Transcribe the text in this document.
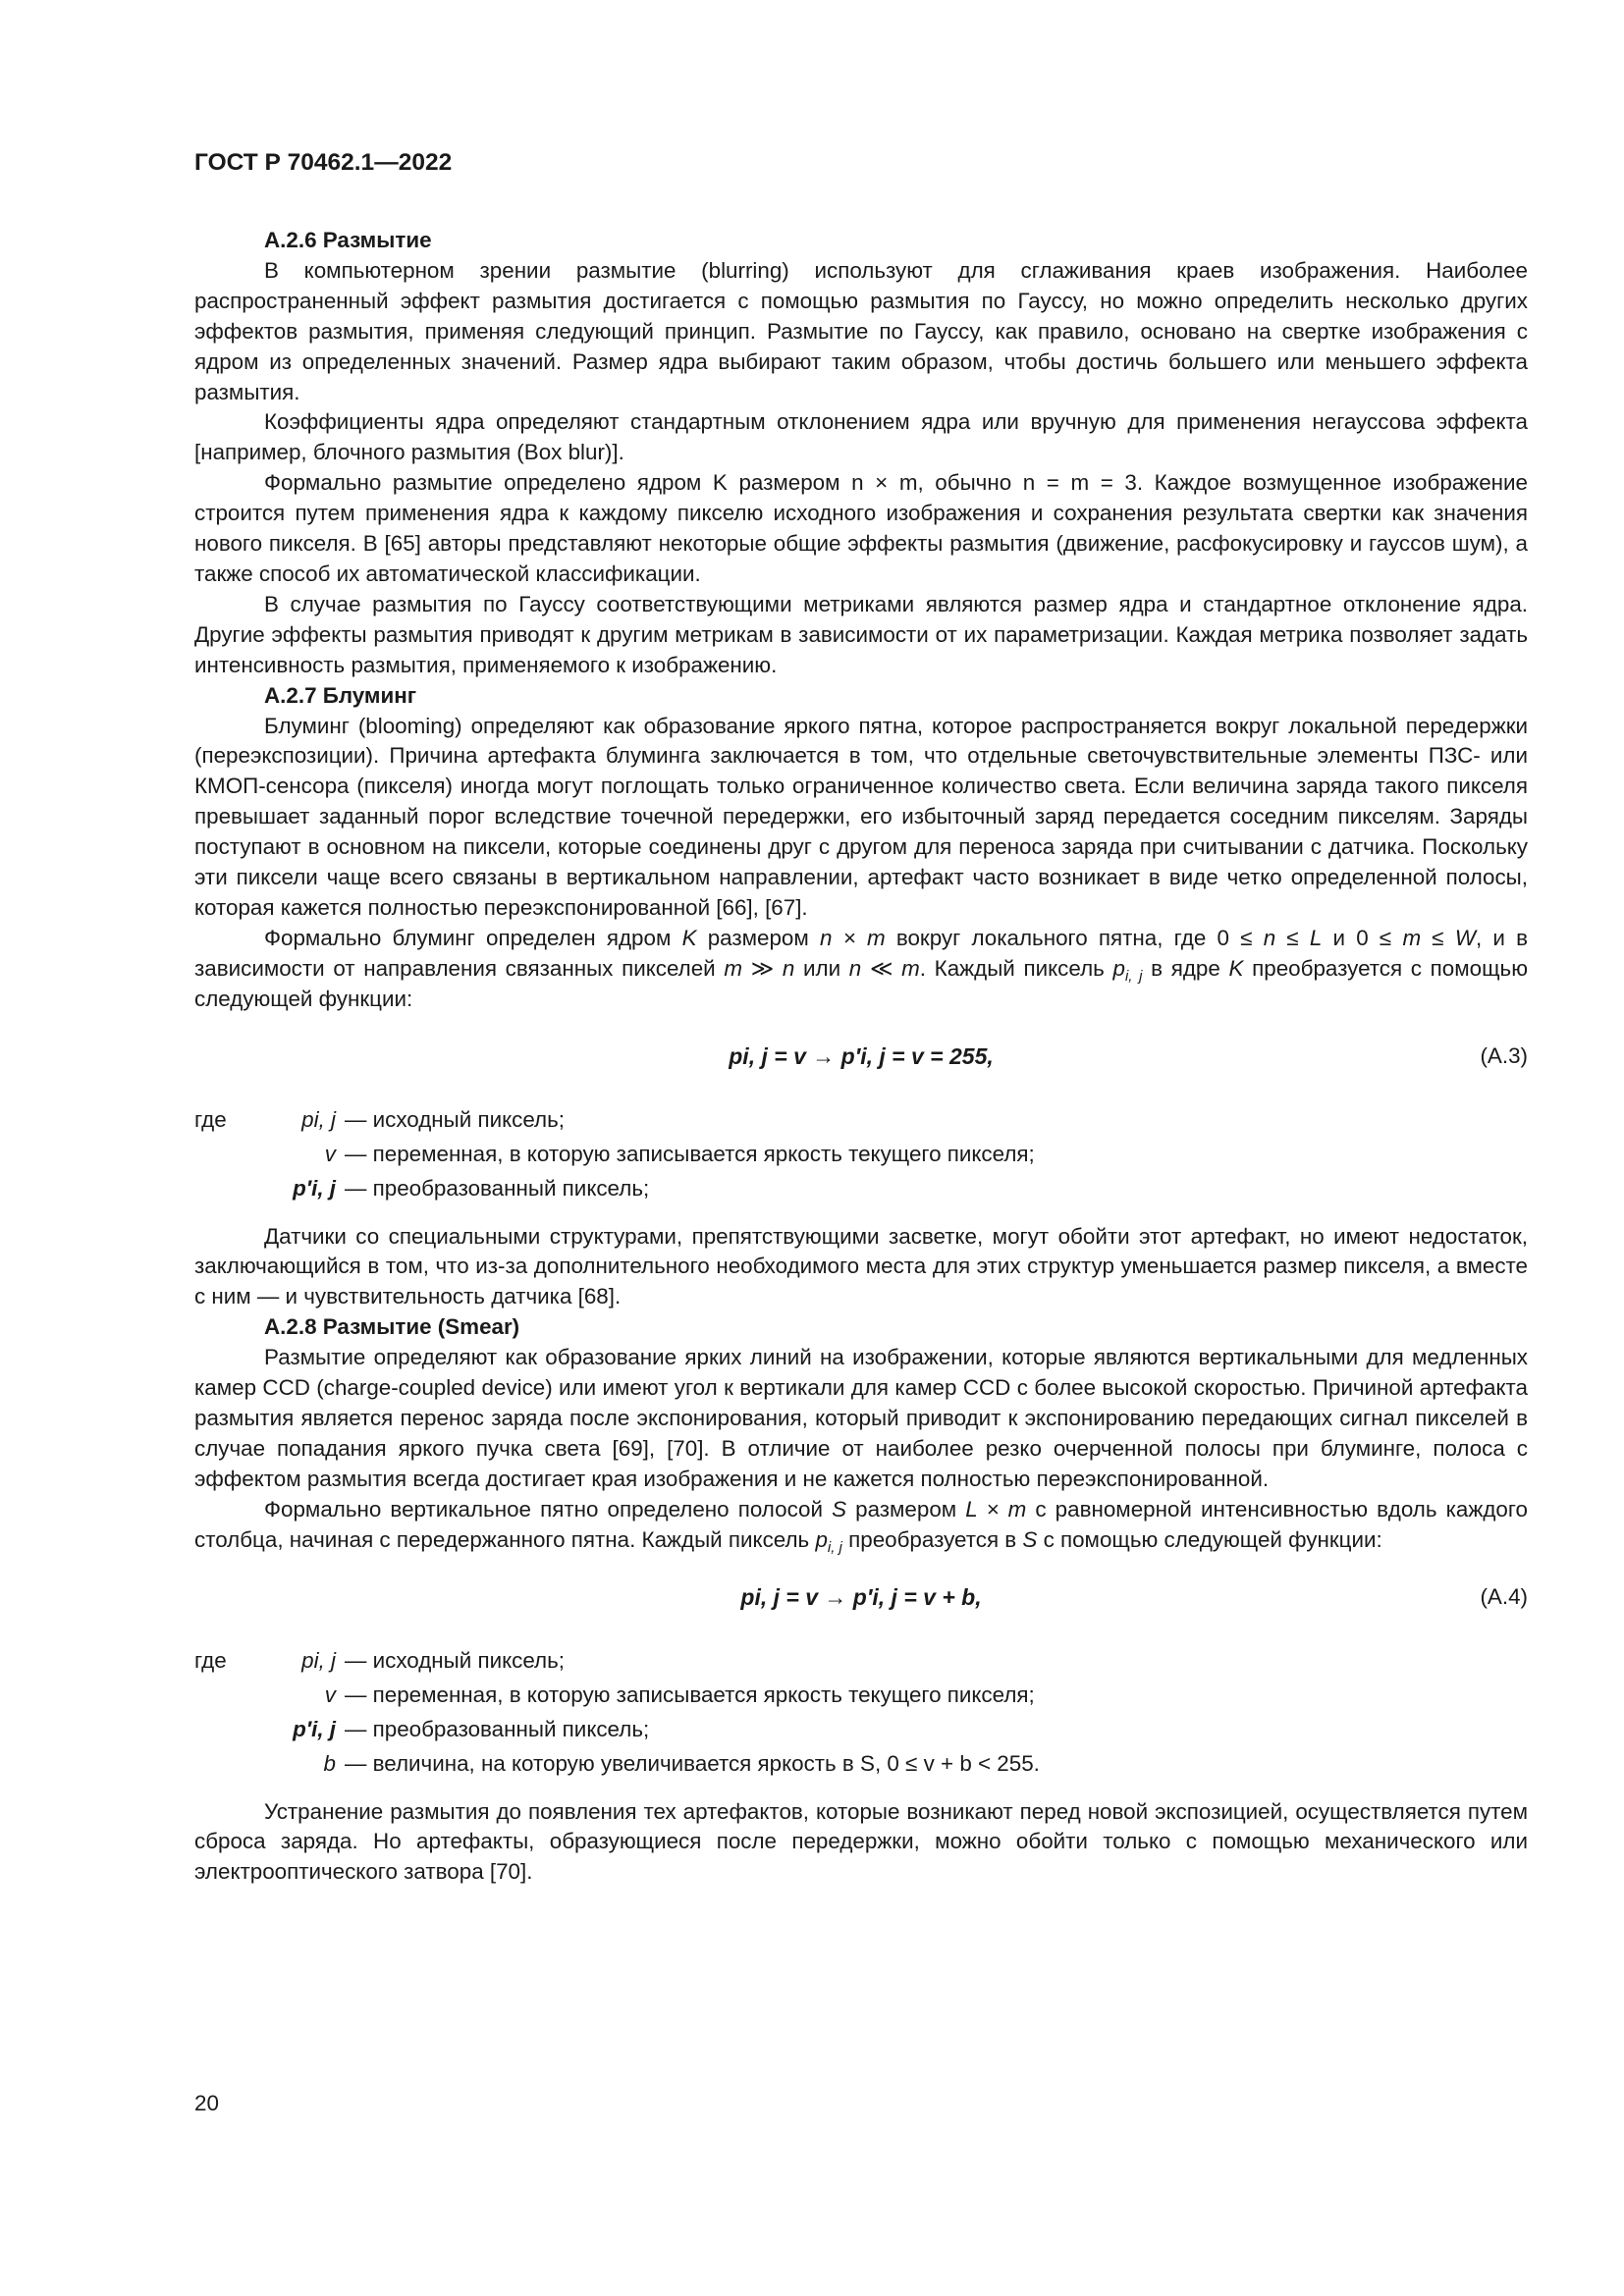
ГОСТ Р 70462.1—2022
А.2.6 Размытие

В компьютерном зрении размытие (blurring) используют для сглаживания краев изображения. Наиболее распространенный эффект размытия достигается с помощью размытия по Гауссу, но можно определить несколько других эффектов размытия, применяя следующий принцип. Размытие по Гауссу, как правило, основано на свертке изображения с ядром из определенных значений. Размер ядра выбирают таким образом, чтобы достичь большего или меньшего эффекта размытия.

Коэффициенты ядра определяют стандартным отклонением ядра или вручную для применения негауссова эффекта [например, блочного размытия (Box blur)].

Формально размытие определено ядром K размером n × m, обычно n = m = 3. Каждое возмущенное изображение строится путем применения ядра к каждому пикселю исходного изображения и сохранения результата свертки как значения нового пикселя. В [65] авторы представляют некоторые общие эффекты размытия (движение, расфокусировку и гауссов шум), а также способ их автоматической классификации.

В случае размытия по Гауссу соответствующими метриками являются размер ядра и стандартное отклонение ядра. Другие эффекты размытия приводят к другим метрикам в зависимости от их параметризации. Каждая метрика позволяет задать интенсивность размытия, применяемого к изображению.

А.2.7 Блуминг

Блуминг (blooming) определяют как образование яркого пятна, которое распространяется вокруг локальной передержки (переэкспозиции). Причина артефакта блуминга заключается в том, что отдельные светочувствительные элементы ПЗС- или КМОП-сенсора (пикселя) иногда могут поглощать только ограниченное количество света. Если величина заряда такого пикселя превышает заданный порог вследствие точечной передержки, его избыточный заряд передается соседним пикселям. Заряды поступают в основном на пиксели, которые соединены друг с другом для переноса заряда при считывании с датчика. Поскольку эти пиксели чаще всего связаны в вертикальном направлении, артефакт часто возникает в виде четко определенной полосы, которая кажется полностью переэкспонированной [66], [67].

Формально блуминг определен ядром K размером n × m вокруг локального пятна, где 0 ≤ n ≤ L и 0 ≤ m ≤ W, и в зависимости от направления связанных пикселей m ≫ n или n ≪ m. Каждый пиксель $p_{i, j}$ в ядре K преобразуется с помощью следующей функции:

pi, j = v → p′i, j = v = 255,	(А.3)
где	pi, j — исходный пиксель;
v — переменная, в которую записывается яркость текущего пикселя;
p′i, j — преобразованный пиксель;

Датчики со специальными структурами, препятствующими засветке, могут обойти этот артефакт, но имеют недостаток, заключающийся в том, что из-за дополнительного необходимого места для этих структур уменьшается размер пикселя, а вместе с ним — и чувствительность датчика [68].

А.2.8 Размытие (Smear)

Размытие определяют как образование ярких линий на изображении, которые являются вертикальными для медленных камер CCD (charge-coupled device) или имеют угол к вертикали для камер CCD с более высокой скоростью. Причиной артефакта размытия является перенос заряда после экспонирования, который приводит к экспонированию передающих сигнал пикселей в случае попадания яркого пучка света [69], [70]. В отличие от наиболее резко очерченной полосы при блуминге, полоса с эффектом размытия всегда достигает края изображения и не кажется полностью переэкспонированной.

Формально вертикальное пятно определено полосой S размером L × m с равномерной интенсивностью вдоль каждого столбца, начиная с передержанного пятна. Каждый пиксель $p_{i, j}$ преобразуется в S с помощью следующей функции:

pi, j = v → p′i, j = v + b,	(А.4)
где	pi, j — исходный пиксель;
v — переменная, в которую записывается яркость текущего пикселя;
p′i, j — преобразованный пиксель;
b — величина, на которую увеличивается яркость в S, 0 ≤ v + b < 255.

Устранение размытия до появления тех артефактов, которые возникают перед новой экспозицией, осуществляется путем сброса заряда. Но артефакты, образующиеся после передержки, можно обойти только с помощью механического или электрооптического затвора [70].

20
